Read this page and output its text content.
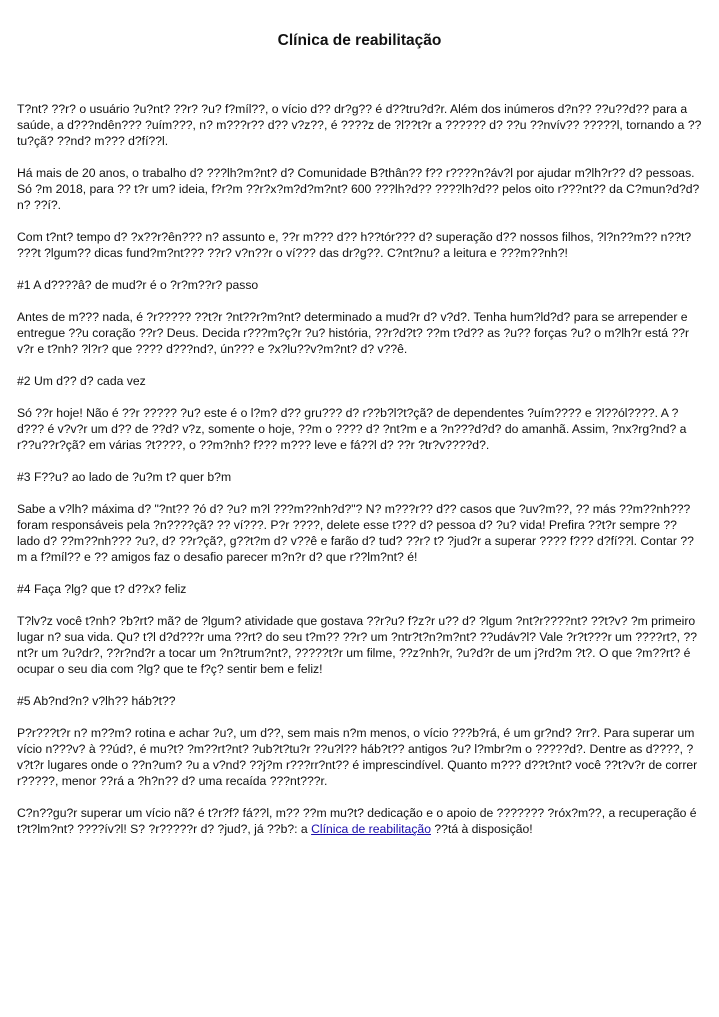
Clínica de reabilitação

T?nt? ??r? o usuário ?u?nt? ??r? ?u? f?míl??, o vício d?? dr?g?? é d??tru?d?r. Além dos inúmeros d?n?? ??u??d?? para a saúde, a d???ndên??? ?uím???, n? m???r?? d?? v?z??, é ????z de ?l??t?r a ?????? d? ??u ??nvív?? ?????l, tornando a ??tu?çã? ??nd? m??? d?fí??l.

Há mais de 20 anos, o trabalho d? ???lh?m?nt? d? Comunidade B?thân?? f?? r????n?áv?l por ajudar m?lh?r?? d? pessoas. Só ?m 2018, para ?? t?r um? ideia, f?r?m ??r?x?m?d?m?nt? 600 ???lh?d?? ????lh?d?? pelos oito r???nt?? da C?mun?d?d? n? ??í?.

Com t?nt? tempo d? ?x??r?ên??? n? assunto e, ??r m??? d?? h??tór??? d? superação d?? nossos filhos, ?l?n??m?? n??t? ???t ?lgum?? dicas fund?m?nt??? ??r? v?n??r o ví??? das dr?g??. C?nt?nu? a leitura e ???m??nh?!

#1 A d????â? de mud?r é o ?r?m??r? passo

Antes de m??? nada, é ?r????? ??t?r ?nt??r?m?nt? determinado a mud?r d? v?d?. Tenha hum?ld?d? para se arrepender e entregue ??u coração ??r? Deus. Decida r???m?ç?r ?u? história, ??r?d?t? ??m t?d?? as ?u?? forças ?u? o m?lh?r está ??r v?r e t?nh? ?l?r? que ???? d???nd?, ún??? e ?x?lu??v?m?nt? d? v??ê.

#2 Um d?? d? cada vez

Só ??r hoje! Não é ??r ????? ?u? este é o l?m? d?? gru??? d? r??b?l?t?çã? de dependentes ?uím???? e ?l??ól????. A ?d??? é v?v?r um d?? de ??d? v?z, somente o hoje, ??m o ???? d? ?nt?m e a ?n???d?d? do amanhã. Assim, ?nx?rg?nd? a r??u??r?çã? em várias ?t????, o ??m?nh? f??? m??? leve e fá??l d? ??r ?tr?v????d?.

#3 F??u? ao lado de ?u?m t? quer b?m

Sabe a v?lh? máxima d? "?nt?? ?ó d? ?u? m?l ???m??nh?d?"? N? m???r?? d?? casos que ?uv?m??, ?? más ??m??nh??? foram responsáveis pela ?n????çã? ?? ví???. P?r ????, delete esse t??? d? pessoa d? ?u? vida! Prefira ??t?r sempre ?? lado d? ??m??nh??? ?u?, d? ??r?çã?, g??t?m d? v??ê e farão d? tud? ??r? t? ?jud?r a superar ???? f??? d?fí??l. Contar ??m a f?míl?? e ?? amigos faz o desafio parecer m?n?r d? que r??lm?nt? é!

#4 Faça ?lg? que t? d??x? feliz

T?lv?z você t?nh? ?b?rt? mã? de ?lgum? atividade que gostava ??r?u? f?z?r u?? d? ?lgum ?nt?r????nt? ??t?v? ?m primeiro lugar n? sua vida. Qu? t?l d?d???r uma ??rt? do seu t?m?? ??r? um ?ntr?t?n?m?nt? ??udáv?l? Vale ?r?t???r um ????rt?, ??nt?r um ?u?dr?, ??r?nd?r a tocar um ?n?trum?nt?, ?????t?r um filme, ??z?nh?r, ?u?d?r de um j?rd?m ?t?. O que ?m??rt? é ocupar o seu dia com ?lg? que te f?ç? sentir bem e feliz!

#5 Ab?nd?n? v?lh?? háb?t??

P?r???t?r n? m??m? rotina e achar ?u?, um d??, sem mais n?m menos, o vício ???b?rá, é um gr?nd? ?rr?. Para superar um vício n???v? à ??úd?, é mu?t? ?m??rt?nt? ?ub?t?tu?r ??u?l?? háb?t?? antigos ?u? l?mbr?m o ?????d?. Dentre as d????, ?v?t?r lugares onde o ??n?um? ?u a v?nd? ??j?m r???rr?nt?? é imprescindível. Quanto m??? d??t?nt? você ??t?v?r de correr r?????, menor ??rá a ?h?n?? d? uma recaída ???nt???r.

C?n??gu?r superar um vício nã? é t?r?f? fá??l, m?? ??m mu?t? dedicação e o apoio de ??????? ?róx?m??, a recuperação é t?t?lm?nt? ????ív?l! S? ?r?????r d? ?jud?, já ??b?: a Clínica de reabilitação ??tá à disposição!
